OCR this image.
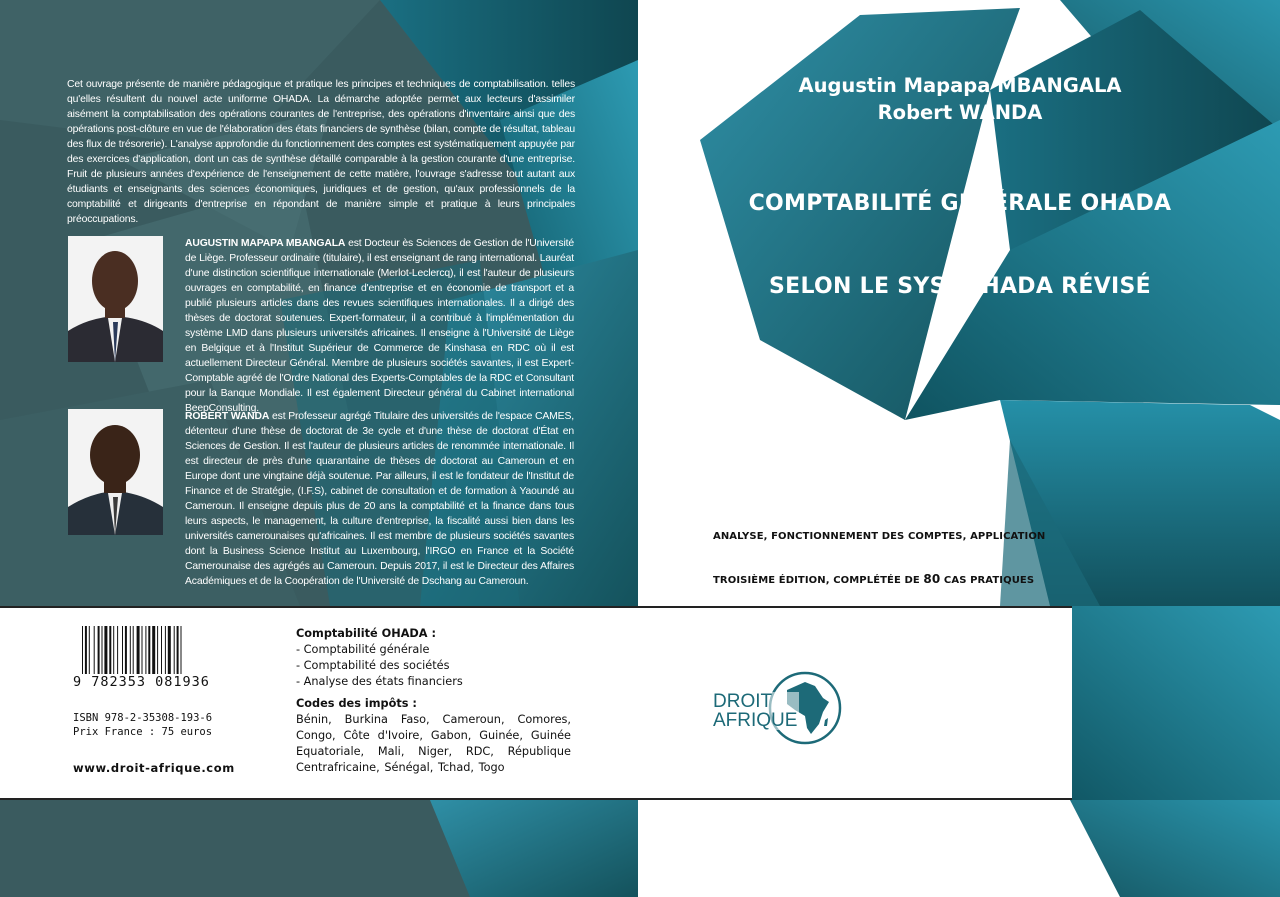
Cet ouvrage présente de manière pédagogique et pratique les principes et techniques de comptabilisation. telles qu'elles résultent du nouvel acte uniforme OHADA. La démarche adoptée permet aux lecteurs d'assimiler aisément la comptabilisation des opérations courantes de l'entreprise, des opérations d'inventaire ainsi que des opérations post-clôture en vue de l'élaboration des états financiers de synthèse (bilan, compte de résultat, tableau des flux de trésorerie). L'analyse approfondie du fonctionnement des comptes est systématiquement appuyée par des exercices d'application, dont un cas de synthèse détaillé comparable à la gestion courante d'une entreprise. Fruit de plusieurs années d'expérience de l'enseignement de cette matière, l'ouvrage s'adresse tout autant aux étudiants et enseignants des sciences économiques, juridiques et de gestion, qu'aux professionnels de la comptabilité et dirigeants d'entreprise en répondant de manière simple et pratique à leurs principales préoccupations.
AUGUSTIN MAPAPA MBANGALA est Docteur ès Sciences de Gestion de l'Université de Liège. Professeur ordinaire (titulaire), il est enseignant de rang international. Lauréat d'une distinction scientifique internationale (Merlot-Leclercq), il est l'auteur de plusieurs ouvrages en comptabilité, en finance d'entreprise et en économie de transport et a publié plusieurs articles dans des revues scientifiques internationales. Il a dirigé des thèses de doctorat soutenues. Expert-formateur, il a contribué à l'implémentation du système LMD dans plusieurs universités africaines. Il enseigne à l'Université de Liège en Belgique et à l'Institut Supérieur de Commerce de Kinshasa en RDC où il est actuellement Directeur Général. Membre de plusieurs sociétés savantes, il est Expert-Comptable agréé de l'Ordre National des Experts-Comptables de la RDC et Consultant pour la Banque Mondiale. Il est également Directeur général du Cabinet international BeepConsulting.
ROBERT WANDA est Professeur agrégé Titulaire des universités de l'espace CAMES, détenteur d'une thèse de doctorat de 3e cycle et d'une thèse de doctorat d'État en Sciences de Gestion. Il est l'auteur de plusieurs articles de renommée internationale. Il est directeur de près d'une quarantaine de thèses de doctorat au Cameroun et en Europe dont une vingtaine déjà soutenue. Par ailleurs, il est le fondateur de l'Institut de Finance et de Stratégie, (I.F.S), cabinet de consultation et de formation à Yaoundé au Cameroun. Il enseigne depuis plus de 20 ans la comptabilité et la finance dans tous leurs aspects, le management, la culture d'entreprise, la fiscalité aussi bien dans les universités camerounaises qu'africaines. Il est membre de plusieurs sociétés savantes dont la Business Science Institut au Luxembourg, l'IRGO en France et la Société Camerounaise des agrégés au Cameroun. Depuis 2017, il est le Directeur des Affaires Académiques et de la Coopération de l'Université de Dschang au Cameroun.
Augustin Mapapa MBANGALA
Robert WANDA
COMPTABILITÉ GÉNÉRALE OHADA
SELON LE SYSCOHADA RÉVISÉ
ANALYSE, FONCTIONNEMENT DES COMPTES, APPLICATION
TROISIÈME ÉDITION, COMPLÉTÉE DE 80 CAS PRATIQUES
9 782353 081936
ISBN 978-2-35308-193-6
Prix France : 75 euros
www.droit-afrique.com
Comptabilité OHADA :
- Comptabilité générale
- Comptabilité des sociétés
- Analyse des états financiers
Codes des impôts :
Bénin, Burkina Faso, Cameroun, Comores, Congo, Côte d'Ivoire, Gabon, Guinée, Guinée Equatoriale, Mali, Niger, RDC, République Centrafricaine, Sénégal, Tchad, Togo
DROIT
AFRIQUE
